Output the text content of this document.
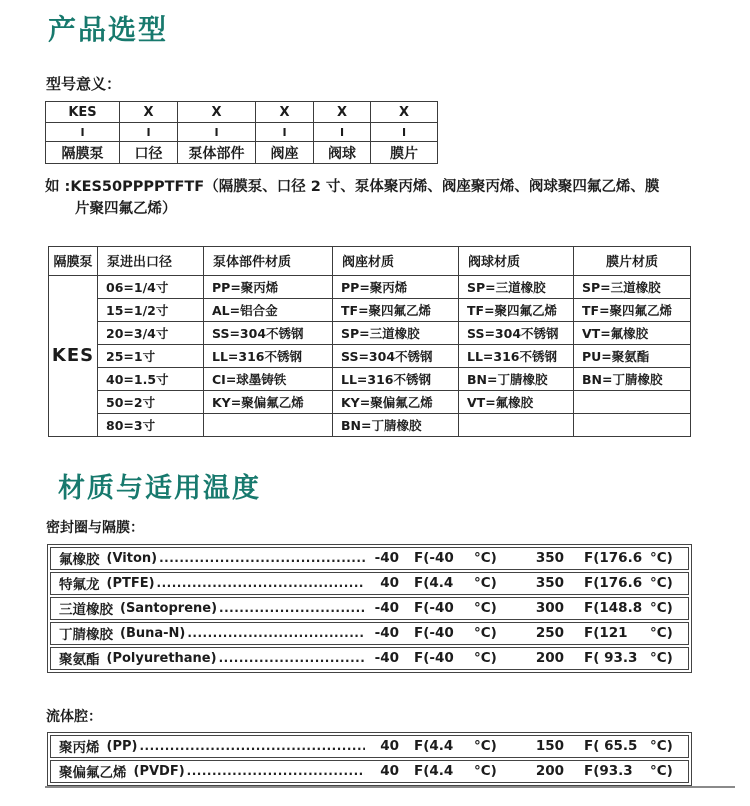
产品选型
型号意义：
KES	X	X	X	X	X
I	I	I	I	I	I
隔膜泵	口径	泵体部件	阀座	阀球	膜片
如 :KES50PPPPTFTF（隔膜泵、口径 2 寸、泵体聚丙烯、阀座聚丙烯、阀球聚四氟乙烯、膜
片聚四氟乙烯）
隔膜泵	泵进出口径	泵体部件材质	阀座材质	阀球材质	膜片材质
KES	06=1/4寸	PP=聚丙烯	PP=聚丙烯	SP=三道橡胶	SP=三道橡胶
	15=1/2寸	AL=铝合金	TF=聚四氟乙烯	TF=聚四氟乙烯	TF=聚四氟乙烯
	20=3/4寸	SS=304不锈钢	SP=三道橡胶	SS=304不锈钢	VT=氟橡胶
	25=1寸	LL=316不锈钢	SS=304不锈钢	LL=316不锈钢	PU=聚氨酯
	40=1.5寸	CI=球墨铸铁	LL=316不锈钢	BN=丁腈橡胶	BN=丁腈橡胶
	50=2寸	KY=聚偏氟乙烯	KY=聚偏氟乙烯	VT=氟橡胶	
	80=3寸		BN=丁腈橡胶		
材质与适用温度
密封圈与隔膜：
氟橡胶 (Viton) .....	-40 F(-40	°C)	350 F(176.6 °C)
特氟龙 (PTFE) .....	40 F(4.4	°C)	350 F(176.6 °C)
三道橡胶 (Santoprene) .....	-40 F(-40	°C)	300 F(148.8 °C)
丁腈橡胶 (Buna-N) .....	-40 F(-40	°C)	250 F(121	°C)
聚氨酯 (Polyurethane) .....	-40 F(-40	°C)	200 F( 93.3 °C)
流体腔：
聚丙烯 (PP) .....	40 F(4.4	°C)	150 F( 65.5 °C)
聚偏氟乙烯 (PVDF) .....	40 F(4.4	°C)	200 F(93.3	°C)
